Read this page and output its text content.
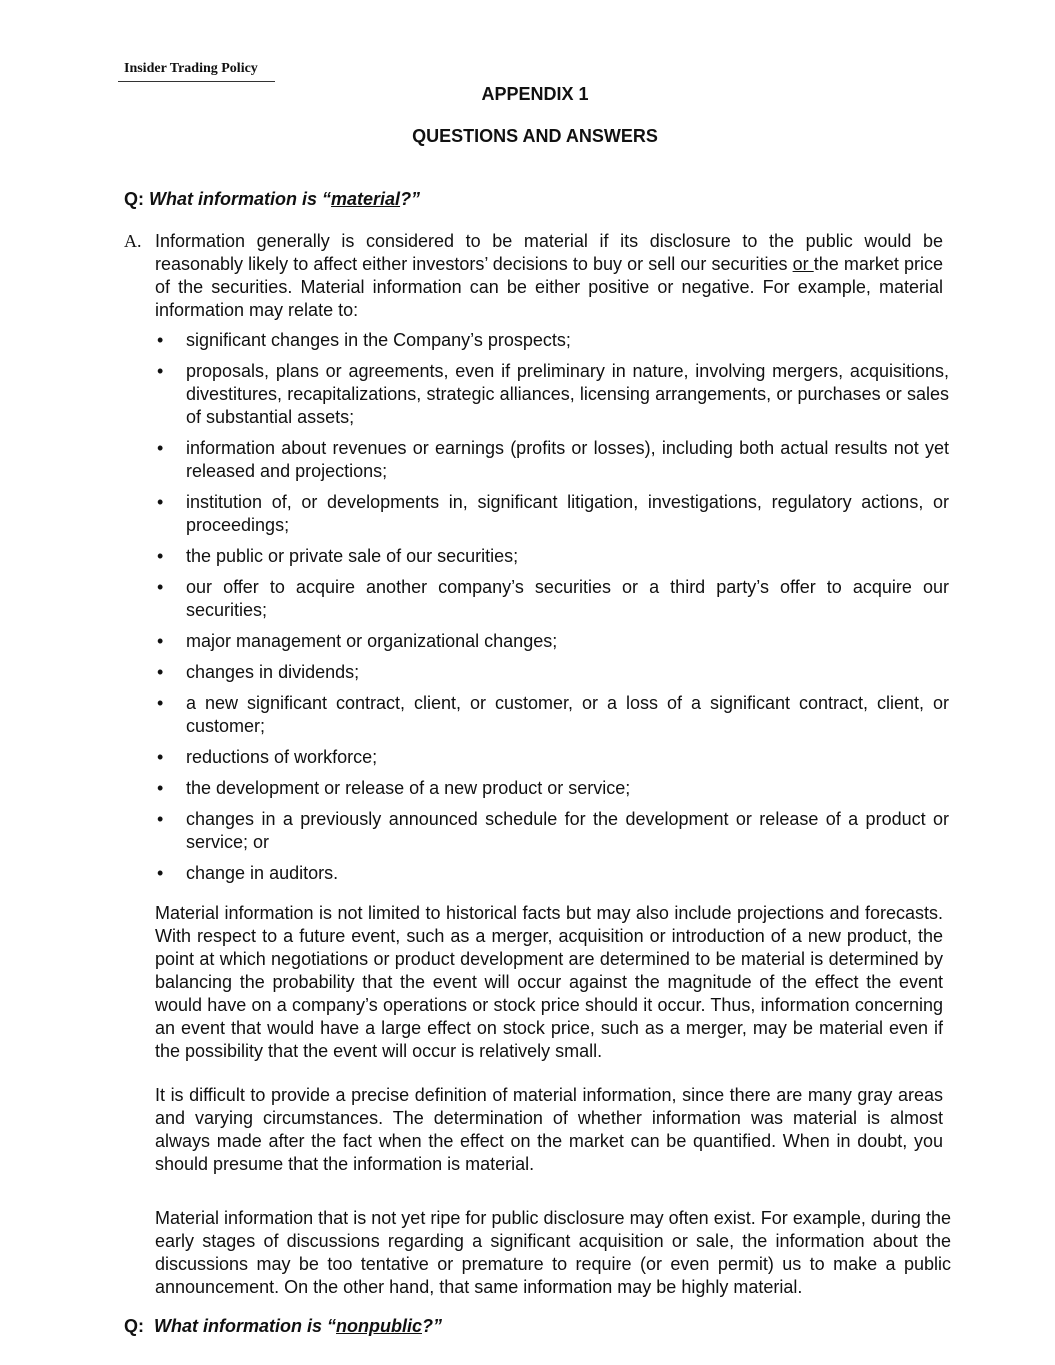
Insider Trading Policy
APPENDIX 1
QUESTIONS AND ANSWERS
Q: What information is “material?”
A. Information generally is considered to be material if its disclosure to the public would be reasonably likely to affect either investors’ decisions to buy or sell our securities or the market price of the securities. Material information can be either positive or negative. For example, material information may relate to:
• significant changes in the Company’s prospects;
• proposals, plans or agreements, even if preliminary in nature, involving mergers, acquisitions, divestitures, recapitalizations, strategic alliances, licensing arrangements, or purchases or sales of substantial assets;
• information about revenues or earnings (profits or losses), including both actual results not yet released and projections;
• institution of, or developments in, significant litigation, investigations, regulatory actions, or proceedings;
• the public or private sale of our securities;
• our offer to acquire another company’s securities or a third party’s offer to acquire our securities;
• major management or organizational changes;
• changes in dividends;
• a new significant contract, client, or customer, or a loss of a significant contract, client, or customer;
• reductions of workforce;
• the development or release of a new product or service;
• changes in a previously announced schedule for the development or release of a product or service; or
• change in auditors.
Material information is not limited to historical facts but may also include projections and forecasts. With respect to a future event, such as a merger, acquisition or introduction of a new product, the point at which negotiations or product development are determined to be material is determined by balancing the probability that the event will occur against the magnitude of the effect the event would have on a company’s operations or stock price should it occur. Thus, information concerning an event that would have a large effect on stock price, such as a merger, may be material even if the possibility that the event will occur is relatively small.
It is difficult to provide a precise definition of material information, since there are many gray areas and varying circumstances. The determination of whether information was material is almost always made after the fact when the effect on the market can be quantified. When in doubt, you should presume that the information is material.
Material information that is not yet ripe for public disclosure may often exist. For example, during the early stages of discussions regarding a significant acquisition or sale, the information about the discussions may be too tentative or premature to require (or even permit) us to make a public announcement. On the other hand, that same information may be highly material.
Q: What information is “nonpublic?”
